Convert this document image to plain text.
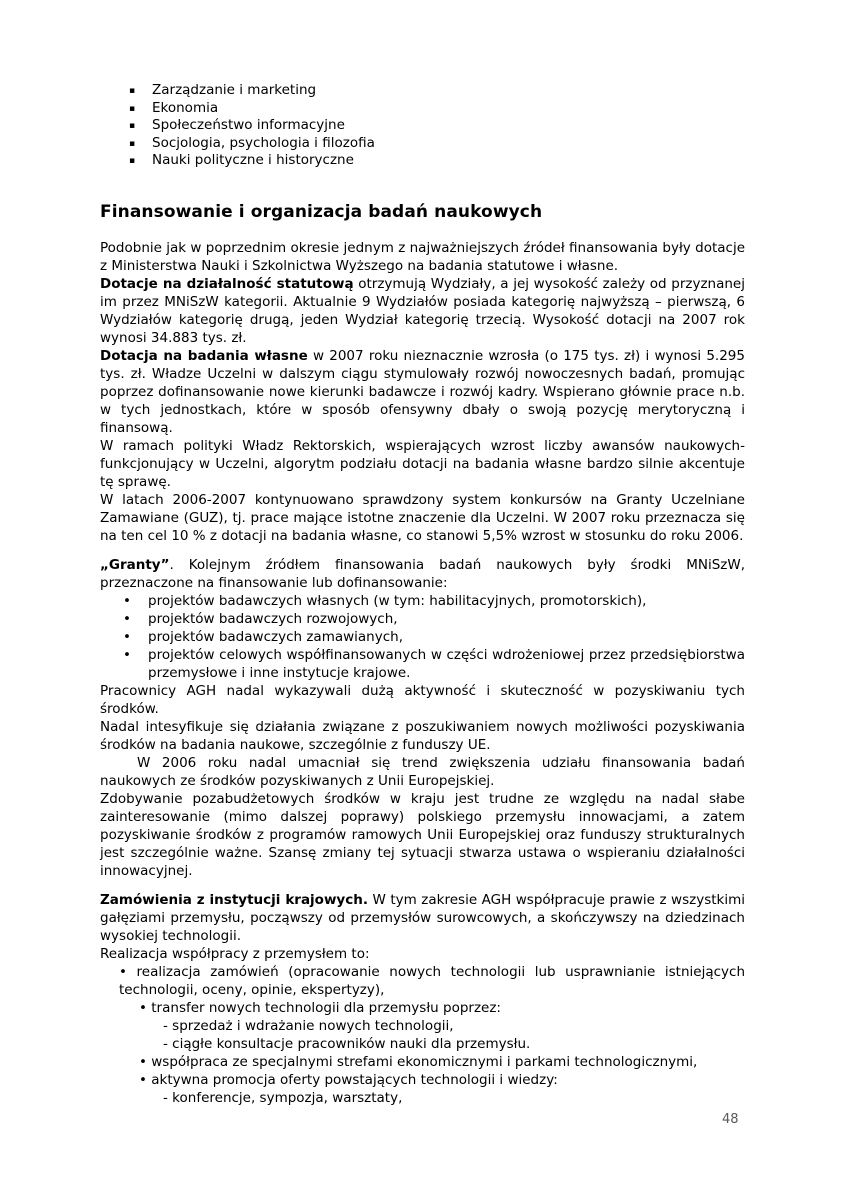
▪ Zarządzanie i marketing
▪ Ekonomia
▪ Społeczeństwo informacyjne
▪ Socjologia, psychologia i filozofia
▪ Nauki polityczne i historyczne
Finansowanie i organizacja badań naukowych

Podobnie jak w poprzednim okresie jednym z najważniejszych źródeł finansowania były dotacje z Ministerstwa Nauki i Szkolnictwa Wyższego na badania statutowe i własne.

Dotacje na działalność statutową otrzymują Wydziały, a jej wysokość zależy od przyznanej im przez MNiSzW kategorii. Aktualnie 9 Wydziałów posiada kategorię najwyższą – pierwszą, 6 Wydziałów kategorię drugą, jeden Wydział kategorię trzecią. Wysokość dotacji na 2007 rok wynosi 34.883 tys. zł.

Dotacja na badania własne w 2007 roku nieznacznie wzrosła (o 175 tys. zł) i wynosi 5.295 tys. zł. Władze Uczelni w dalszym ciągu stymulowały rozwój nowoczesnych badań, promując poprzez dofinansowanie nowe kierunki badawcze i rozwój kadry. Wspierano głównie prace n.b. w tych jednostkach, które w sposób ofensywny dbały o swoją pozycję merytoryczną i finansową.

W ramach polityki Władz Rektorskich, wspierających wzrost liczby awansów naukowych- funkcjonujący w Uczelni, algorytm podziału dotacji na badania własne bardzo silnie akcentuje tę sprawę.

W latach 2006-2007 kontynuowano sprawdzony system konkursów na Granty Uczelniane Zamawiane (GUZ), tj. prace mające istotne znaczenie dla Uczelni. W 2007 roku przeznacza się na ten cel 10 % z dotacji na badania własne, co stanowi 5,5% wzrost w stosunku do roku 2006.

„Granty”. Kolejnym źródłem finansowania badań naukowych były środki MNiSzW, przeznaczone na finansowanie lub dofinansowanie:

• projektów badawczych własnych (w tym: habilitacyjnych, promotorskich),
• projektów badawczych rozwojowych,
• projektów badawczych zamawianych,
• projektów celowych współfinansowanych w części wdrożeniowej przez przedsiębiorstwa przemysłowe i inne instytucje krajowe.

Pracownicy AGH nadal wykazywali dużą aktywność i skuteczność w pozyskiwaniu tych środków.

Nadal intesyfikuje się działania związane z poszukiwaniem nowych możliwości pozyskiwania środków na badania naukowe, szczególnie z funduszy UE.

W 2006 roku nadal umacniał się trend zwiększenia udziału finansowania badań naukowych ze środków pozyskiwanych z Unii Europejskiej.

Zdobywanie pozabudżetowych środków w kraju jest trudne ze względu na nadal słabe zainteresowanie (mimo dalszej poprawy) polskiego przemysłu innowacjami, a zatem pozyskiwanie środków z programów ramowych Unii Europejskiej oraz funduszy strukturalnych jest szczególnie ważne. Szansę zmiany tej sytuacji stwarza ustawa o wspieraniu działalności innowacyjnej.

Zamówienia z instytucji krajowych. W tym zakresie AGH współpracuje prawie z wszystkimi gałęziami przemysłu, począwszy od przemysłów surowcowych, a skończywszy na dziedzinach wysokiej technologii.

Realizacja współpracy z przemysłem to:

• realizacja zamówień (opracowanie nowych technologii lub usprawnianie istniejących technologii, oceny, opinie, ekspertyzy),
• transfer nowych technologii dla przemysłu poprzez:
- sprzedaż i wdrażanie nowych technologii,
- ciągłe konsultacje pracowników nauki dla przemysłu.
• współpraca ze specjalnymi strefami ekonomicznymi i parkami technologicznymi,
• aktywna promocja oferty powstających technologii i wiedzy:
- konferencje, sympozja, warsztaty,
48
